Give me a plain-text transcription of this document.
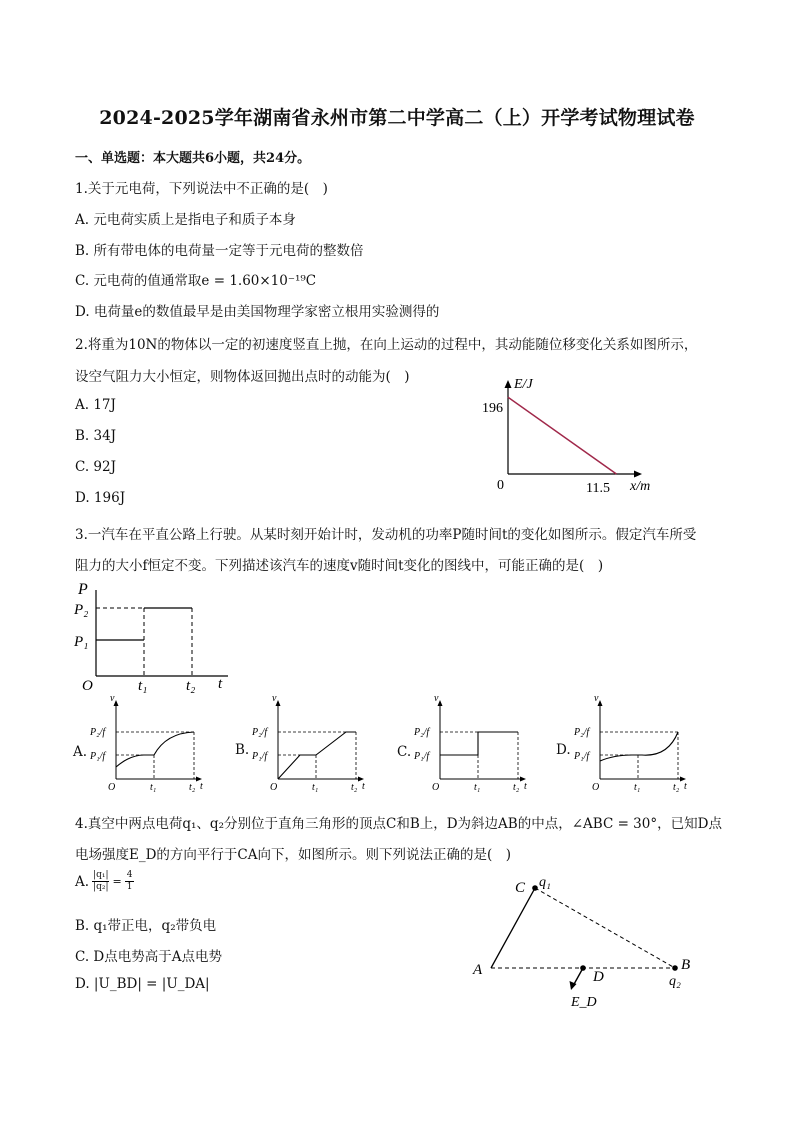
2024-2025学年湖南省永州市第二中学高二（上）开学考试物理试卷
一、单选题：本大题共6小题，共24分。
1.关于元电荷，下列说法中不正确的是(　)
A. 元电荷实质上是指电子和质子本身
B. 所有带电体的电荷量一定等于元电荷的整数倍
C. 元电荷的值通常取e = 1.60×10⁻¹⁹C
D. 电荷量e的数值最早是由美国物理学家密立根用实验测得的
2.将重为10N的物体以一定的初速度竖直上抛，在向上运动的过程中，其动能随位移变化关系如图所示，
设空气阻力大小恒定，则物体返回抛出点时的动能为(　)
A. 17J
B. 34J
C. 92J
D. 196J
E/J
196
0	11.5 x/m
3.一汽车在平直公路上行驶。从某时刻开始计时，发动机的功率P随时间t的变化如图所示。假定汽车所受
阻力的大小f恒定不变。下列描述该汽车的速度v随时间t变化的图线中，可能正确的是(　)
P
P₂
P₁
O	t₁	t₂ t
A.	B.	C.	D.
v
P₂/f
P₁/f
O	t₁	t₂ t
v
P₂/f
P₁/f
O	t₁	t₂ t
v
P₂/f
P₁/f
O	t₁	t₂ t
v
P₂/f
P₁/f
O	t₁	t₂ t
4.真空中两点电荷q₁、q₂分别位于直角三角形的顶点C和B上，D为斜边AB的中点，∠ABC = 30°，已知D点
电场强度E_D的方向平行于CA向下，如图所示。则下列说法正确的是(　)
A. $\frac{\text{|q₁|}}{\text{|q₂|}} = \frac{4}{1}$
B. q₁带正电，q₂带负电
C. D点电势高于A点电势
D. |U_BD| = |U_DA|
C q₁
A	D
B
q₂
E_D
